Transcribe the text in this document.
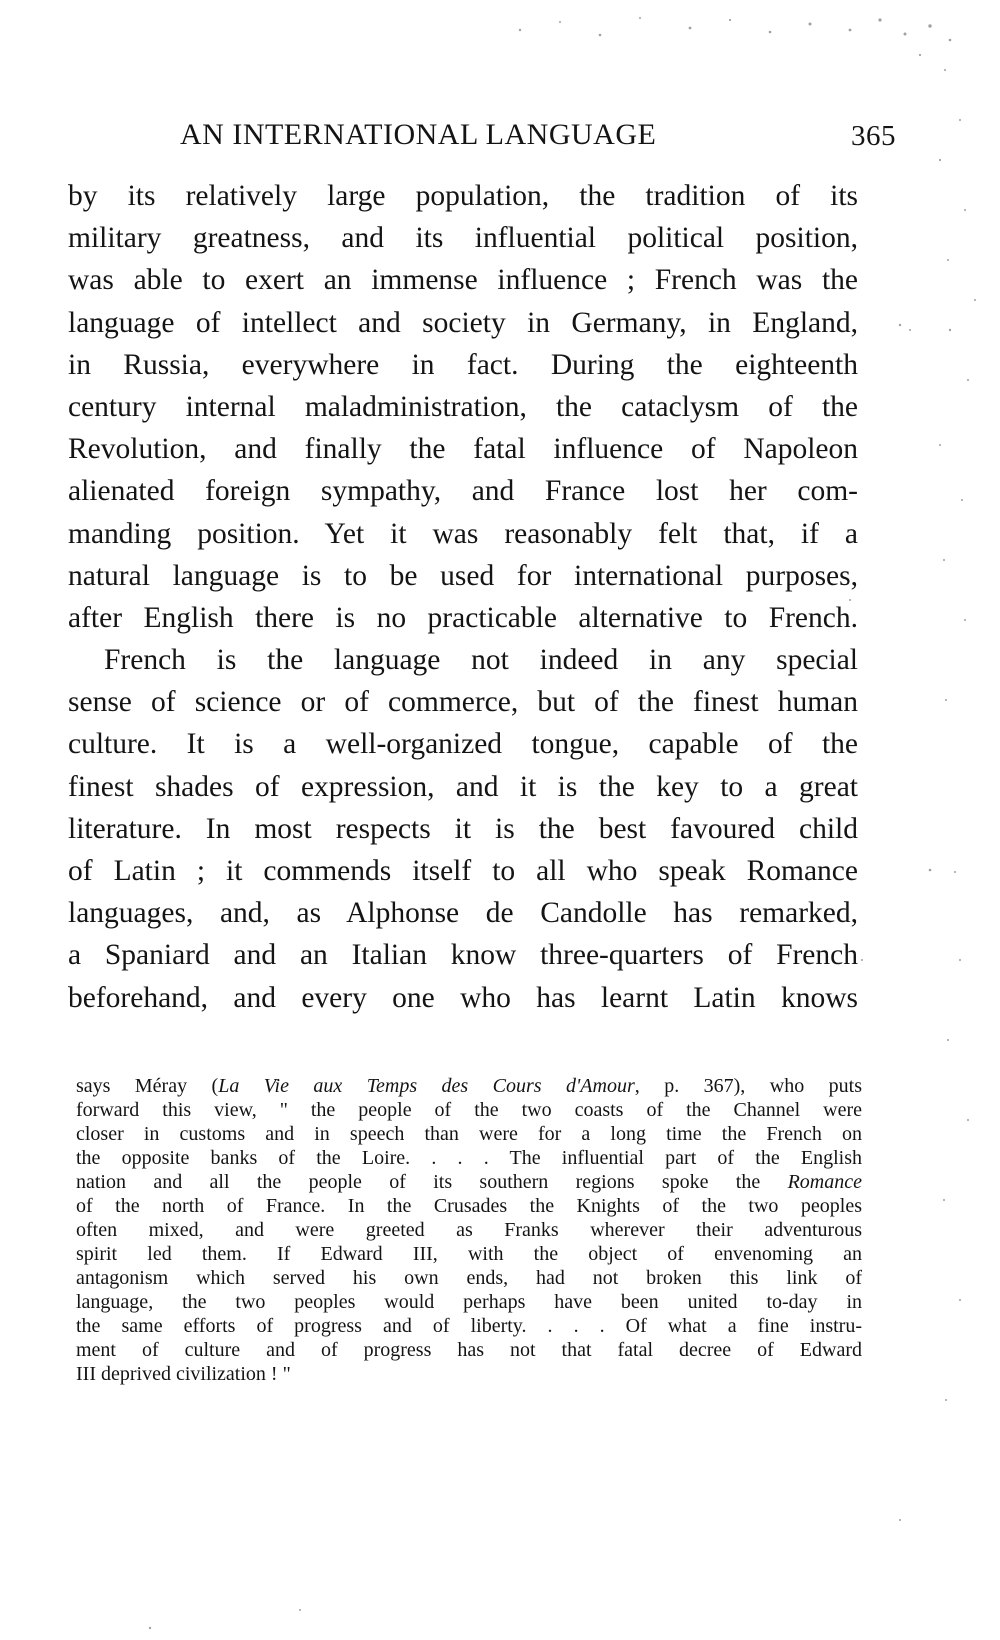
AN INTERNATIONAL LANGUAGE	365
by its relatively large population, the tradition of its
military greatness, and its influential political position,
was able to exert an immense influence ; French was the
language of intellect and society in Germany, in England,
in Russia, everywhere in fact. During the eighteenth
century internal maladministration, the cataclysm of the
Revolution, and finally the fatal influence of Napoleon
alienated foreign sympathy, and France lost her com-
manding position. Yet it was reasonably felt that, if a
natural language is to be used for international purposes,
after English there is no practicable alternative to French.
French is the language not indeed in any special
sense of science or of commerce, but of the finest human
culture. It is a well-organized tongue, capable of the
finest shades of expression, and it is the key to a great
literature. In most respects it is the best favoured child
of Latin ; it commends itself to all who speak Romance
languages, and, as Alphonse de Candolle has remarked,
a Spaniard and an Italian know three-quarters of French
beforehand, and every one who has learnt Latin knows
says Méray (La Vie aux Temps des Cours d'Amour, p. 367), who puts
forward this view, " the people of the two coasts of the Channel were
closer in customs and in speech than were for a long time the French on
the opposite banks of the Loire. . . . The influential part of the English
nation and all the people of its southern regions spoke the Romance
of the north of France. In the Crusades the Knights of the two peoples
often mixed, and were greeted as Franks wherever their adventurous
spirit led them. If Edward III, with the object of envenoming an
antagonism which served his own ends, had not broken this link of
language, the two peoples would perhaps have been united to-day in
the same efforts of progress and of liberty. . . . Of what a fine instru-
ment of culture and of progress has not that fatal decree of Edward
III deprived civilization ! "
